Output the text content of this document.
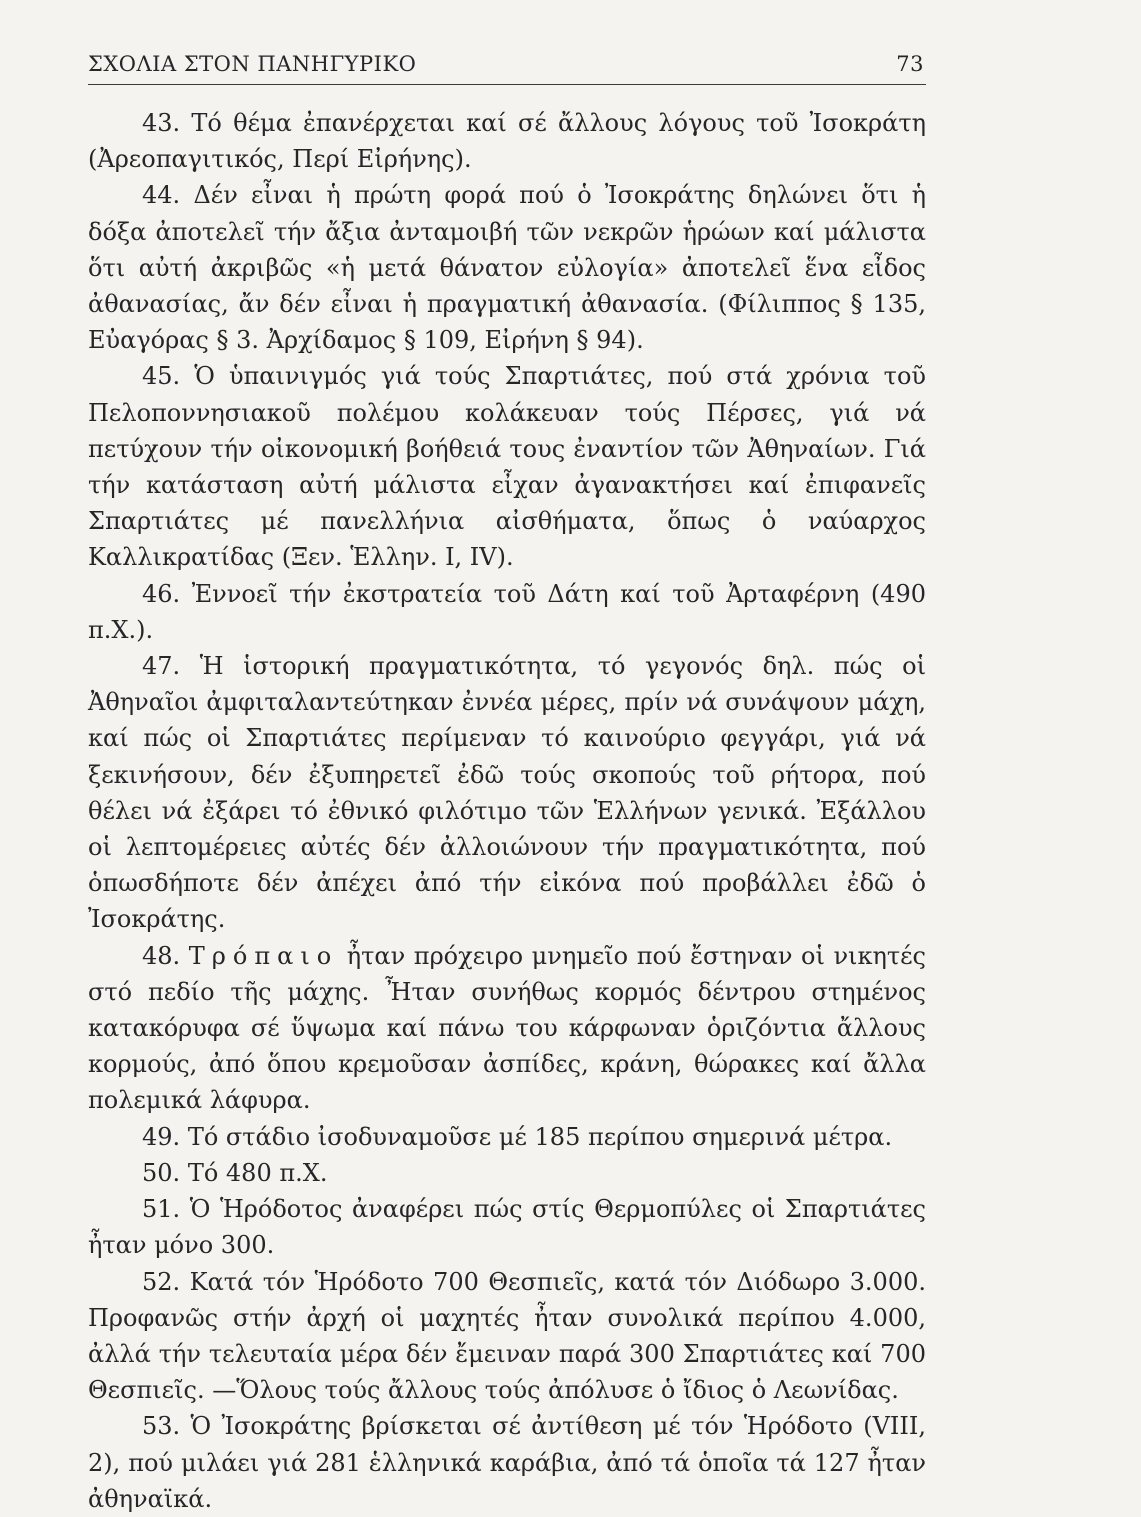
ΣΧΟΛΙΑ ΣΤΟΝ ΠΑΝΗΓΥΡΙΚΟ	73

43. Τό θέμα ἐπανέρχεται καί σέ ἄλλους λόγους τοῦ Ἰσοκράτη (Ἀρεοπαγιτικός, Περί Εἰρήνης).

44. Δέν εἶναι ἡ πρώτη φορά πού ὁ Ἰσοκράτης δηλώνει ὅτι ἡ δόξα ἀποτελεῖ τήν ἄξια ἀνταμοιβή τῶν νεκρῶν ἡρώων καί μάλιστα ὅτι αὐτή ἀκριβῶς «ἡ μετά θάνατον εὐλογία» ἀποτελεῖ ἕνα εἶδος ἀθανασίας, ἄν δέν εἶναι ἡ πραγματική ἀθανασία. (Φίλιππος § 135, Εὐαγόρας § 3. Ἀρχίδαμος § 109, Εἰρήνη § 94).

45. Ὁ ὑπαινιγμός γιά τούς Σπαρτιάτες, πού στά χρόνια τοῦ Πελοποννησιακοῦ πολέμου κολάκευαν τούς Πέρσες, γιά νά πετύχουν τήν οἰκονομική βοήθειά τους ἐναντίον τῶν Ἀθηναίων. Γιά τήν κατάσταση αὐτή μάλιστα εἶχαν ἀγανακτήσει καί ἐπιφανεῖς Σπαρτιάτες μέ πανελλήνια αἰσθήματα, ὅπως ὁ ναύαρχος Καλλικρατίδας (Ξεν. Ἑλλην. I, IV).

46. Ἐννοεῖ τήν ἐκστρατεία τοῦ Δάτη καί τοῦ Ἀρταφέρνη (490 π.Χ.).

47. Ἡ ἱστορική πραγματικότητα, τό γεγονός δηλ. πώς οἱ Ἀθηναῖοι ἀμφιταλαντεύτηκαν ἐννέα μέρες, πρίν νά συνάψουν μάχη, καί πώς οἱ Σπαρτιάτες περίμεναν τό καινούριο φεγγάρι, γιά νά ξεκινήσουν, δέν ἐξυπηρετεῖ ἐδῶ τούς σκοπούς τοῦ ρήτορα, πού θέλει νά ἐξάρει τό ἐθνικό φιλότιμο τῶν Ἑλλήνων γενικά. Ἐξάλλου οἱ λεπτομέρειες αὐτές δέν ἀλλοιώνουν τήν πραγματικότητα, πού ὁπωσδήποτε δέν ἀπέχει ἀπό τήν εἰκόνα πού προβάλλει ἐδῶ ὁ Ἰσοκράτης.

48. Τρόπαιο ἦταν πρόχειρο μνημεῖο πού ἔστηναν οἱ νικητές στό πεδίο τῆς μάχης. Ἦταν συνήθως κορμός δέντρου στημένος κατακόρυφα σέ ὕψωμα καί πάνω του κάρφωναν ὁριζόντια ἄλλους κορμούς, ἀπό ὅπου κρεμοῦσαν ἀσπίδες, κράνη, θώρακες καί ἄλλα πολεμικά λάφυρα.

49. Τό στάδιο ἰσοδυναμοῦσε μέ 185 περίπου σημερινά μέτρα.

50. Τό 480 π.Χ.

51. Ὁ Ἡρόδοτος ἀναφέρει πώς στίς Θερμοπύλες οἱ Σπαρτιάτες ἦταν μόνο 300.

52. Κατά τόν Ἡρόδοτο 700 Θεσπιεῖς, κατά τόν Διόδωρο 3.000. Προφανῶς στήν ἀρχή οἱ μαχητές ἦταν συνολικά περίπου 4.000, ἀλλά τήν τελευταία μέρα δέν ἔμειναν παρά 300 Σπαρτιάτες καί 700 Θεσπιεῖς. —Ὅλους τούς ἄλλους τούς ἀπόλυσε ὁ ἴδιος ὁ Λεωνίδας.

53. Ὁ Ἰσοκράτης βρίσκεται σέ ἀντίθεση μέ τόν Ἡρόδοτο (VIII, 2), πού μιλάει γιά 281 ἑλληνικά καράβια, ἀπό τά ὁποῖα τά 127 ἦταν ἀθηναϊκά.
